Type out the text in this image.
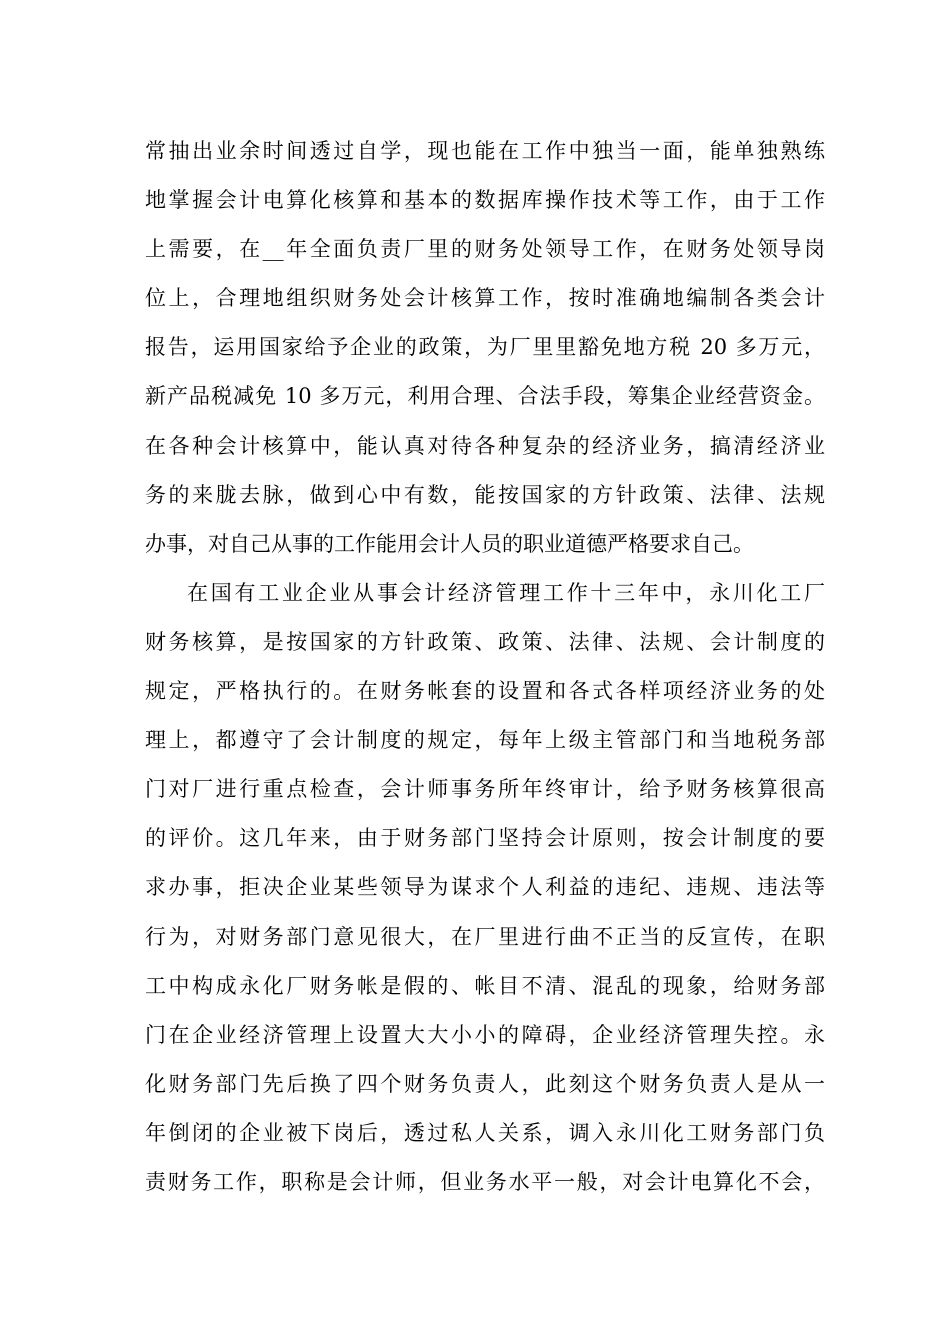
常抽出业余时间透过自学，现也能在工作中独当一面，能单独熟练
地掌握会计电算化核算和基本的数据库操作技术等工作，由于工作
上需要，在__年全面负责厂里的财务处领导工作，在财务处领导岗
位上，合理地组织财务处会计核算工作，按时准确地编制各类会计
报告，运用国家给予企业的政策，为厂里里豁免地方税 20 多万元，
新产品税减免 10 多万元，利用合理、合法手段，筹集企业经营资金。
在各种会计核算中，能认真对待各种复杂的经济业务，搞清经济业
务的来胧去脉，做到心中有数，能按国家的方针政策、法律、法规
办事，对自己从事的工作能用会计人员的职业道德严格要求自己。
在国有工业企业从事会计经济管理工作十三年中，永川化工厂
财务核算，是按国家的方针政策、政策、法律、法规、会计制度的
规定，严格执行的。在财务帐套的设置和各式各样项经济业务的处
理上，都遵守了会计制度的规定，每年上级主管部门和当地税务部
门对厂进行重点检查，会计师事务所年终审计，给予财务核算很高
的评价。这几年来，由于财务部门坚持会计原则，按会计制度的要
求办事，拒决企业某些领导为谋求个人利益的违纪、违规、违法等
行为，对财务部门意见很大，在厂里进行曲不正当的反宣传，在职
工中构成永化厂财务帐是假的、帐目不清、混乱的现象，给财务部
门在企业经济管理上设置大大小小的障碍，企业经济管理失控。永
化财务部门先后换了四个财务负责人，此刻这个财务负责人是从一
年倒闭的企业被下岗后，透过私人关系，调入永川化工财务部门负
责财务工作，职称是会计师，但业务水平一般，对会计电算化不会，
